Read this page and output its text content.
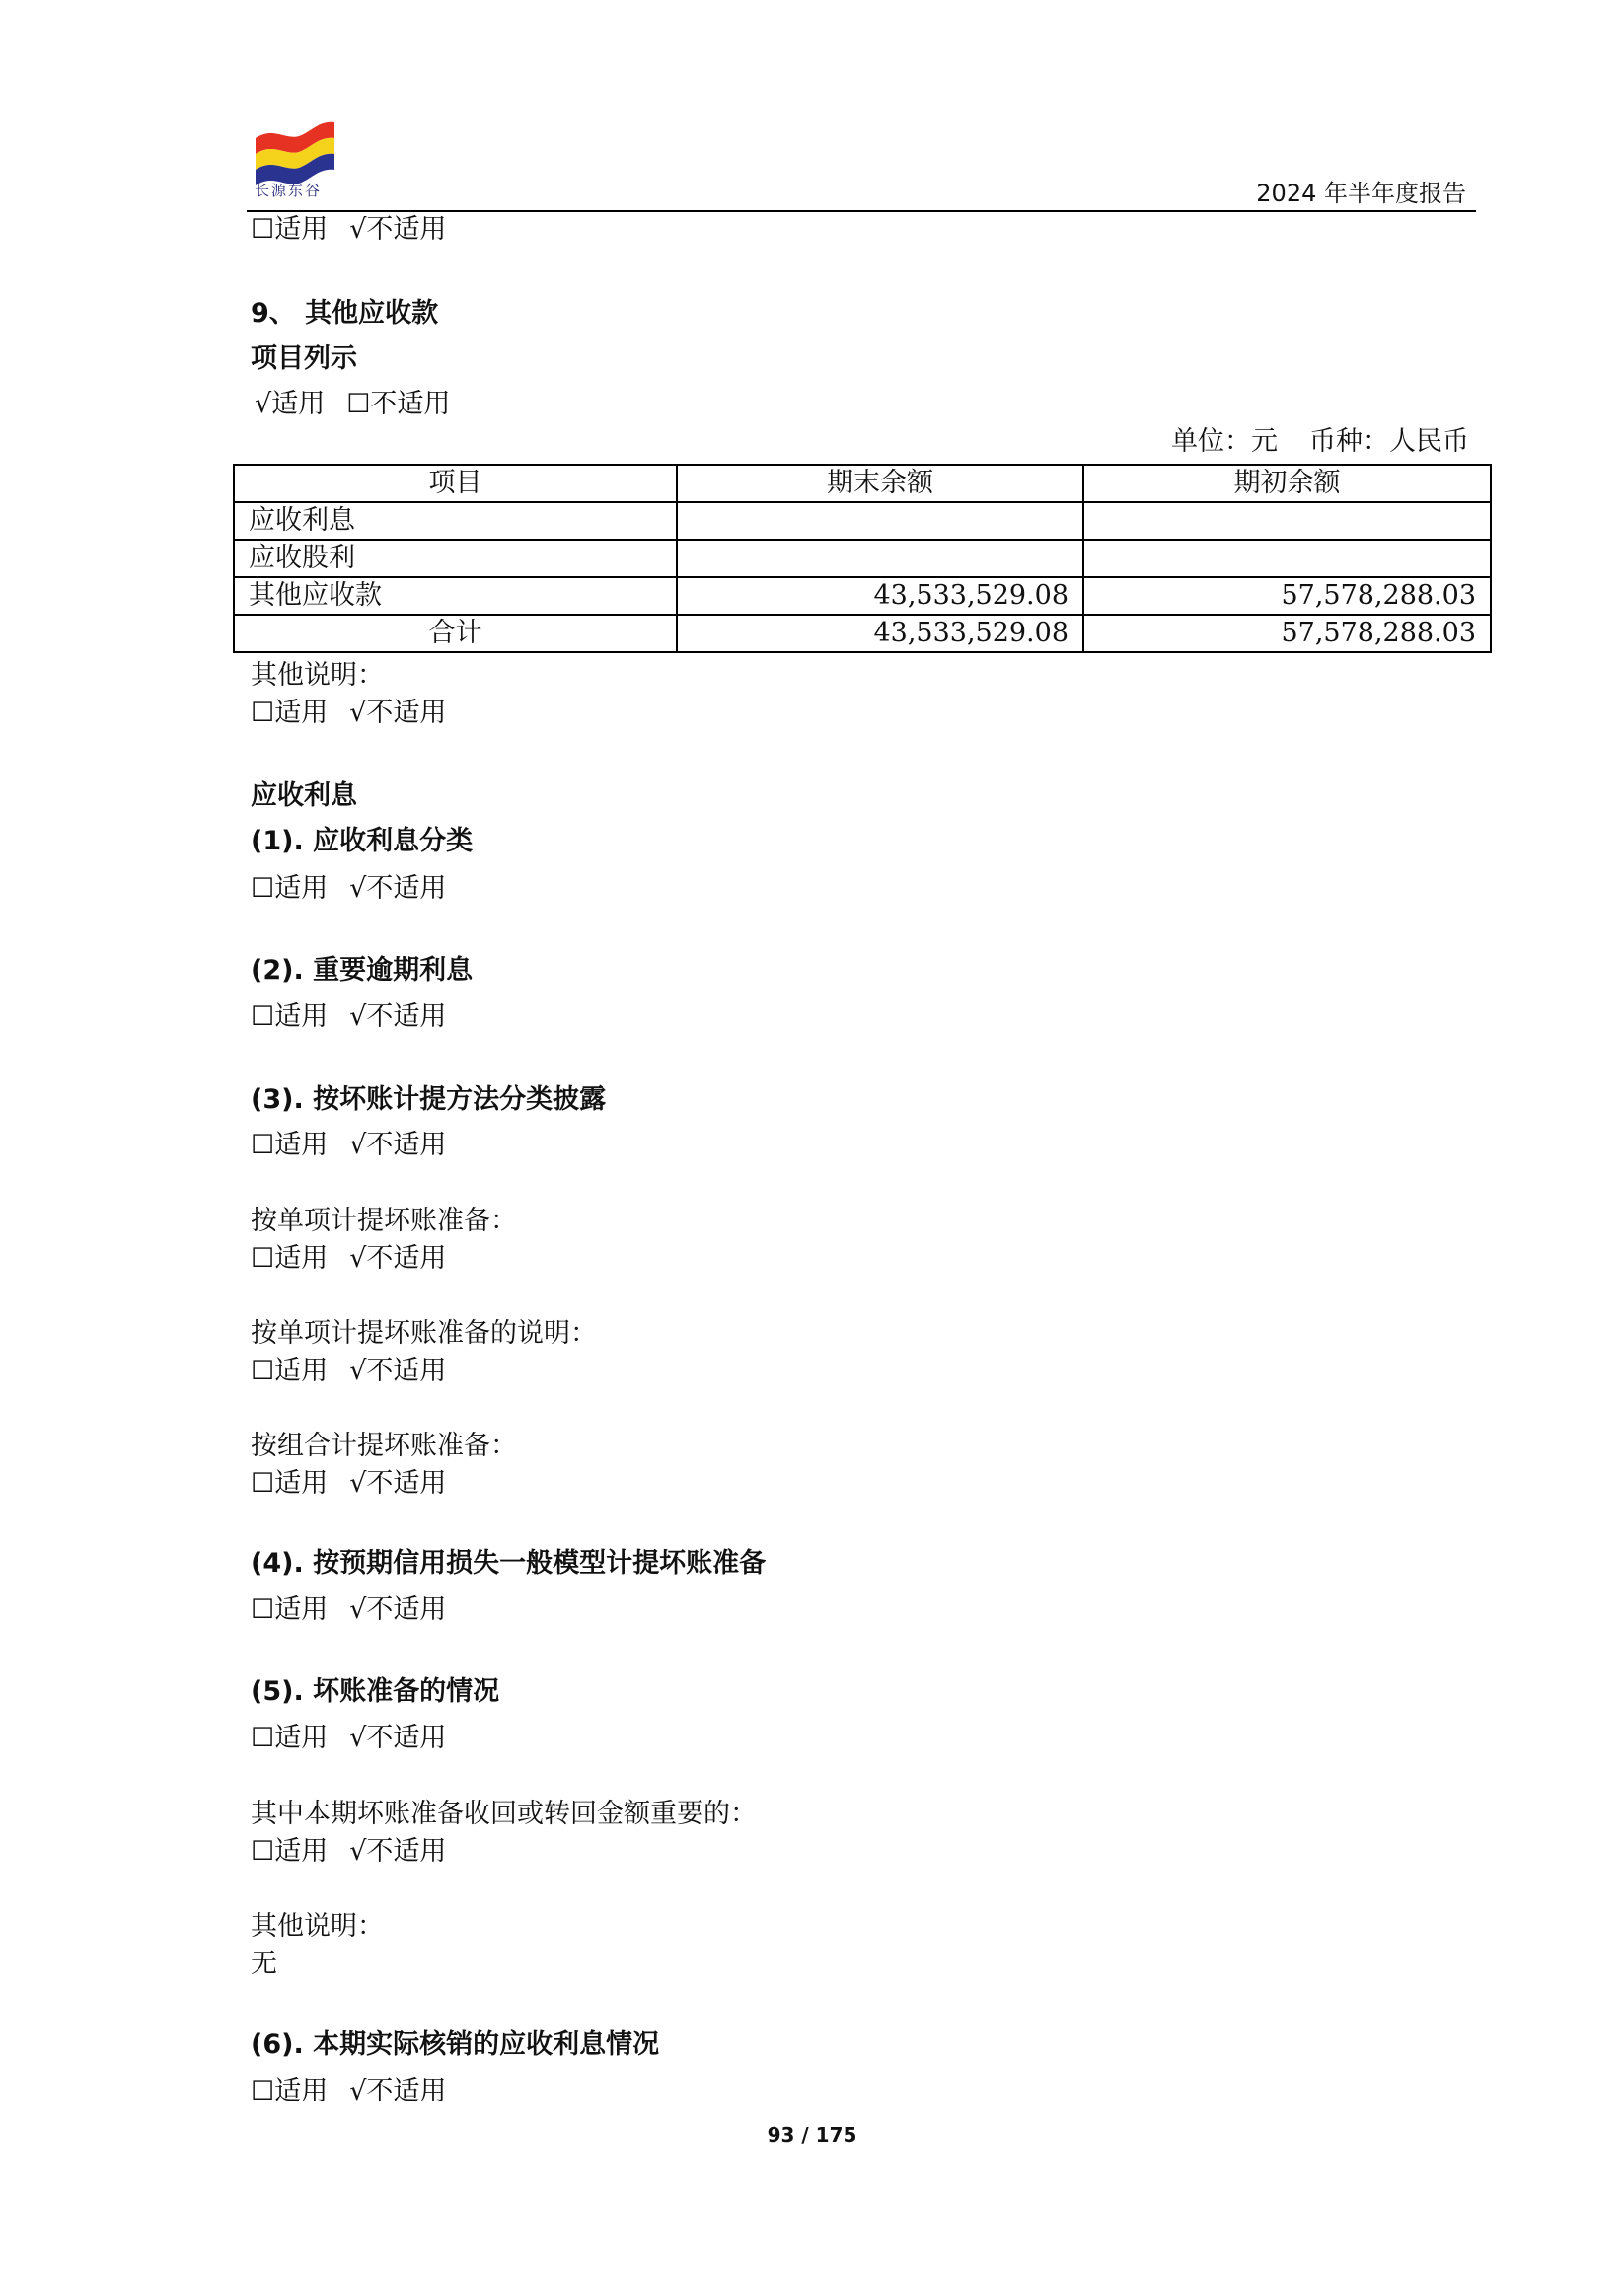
长源东谷	2024 年半年度报告
☐适用 √不适用
9、 其他应收款
项目列示
√适用 ☐不适用
单位：元 币种：人民币
项目	期末余额	期初余额
应收利息		
应收股利		
其他应收款	43,533,529.08	57,578,288.03
合计	43,533,529.08	57,578,288.03
其他说明：
☐适用 √不适用
应收利息
(1). 应收利息分类
☐适用 √不适用
(2). 重要逾期利息
☐适用 √不适用
(3). 按坏账计提方法分类披露
☐适用 √不适用
按单项计提坏账准备：
☐适用 √不适用
按单项计提坏账准备的说明：
☐适用 √不适用
按组合计提坏账准备：
☐适用 √不适用
(4). 按预期信用损失一般模型计提坏账准备
☐适用 √不适用
(5). 坏账准备的情况
☐适用 √不适用
其中本期坏账准备收回或转回金额重要的：
☐适用 √不适用
其他说明：
无
(6). 本期实际核销的应收利息情况
☐适用 √不适用
93 / 175
